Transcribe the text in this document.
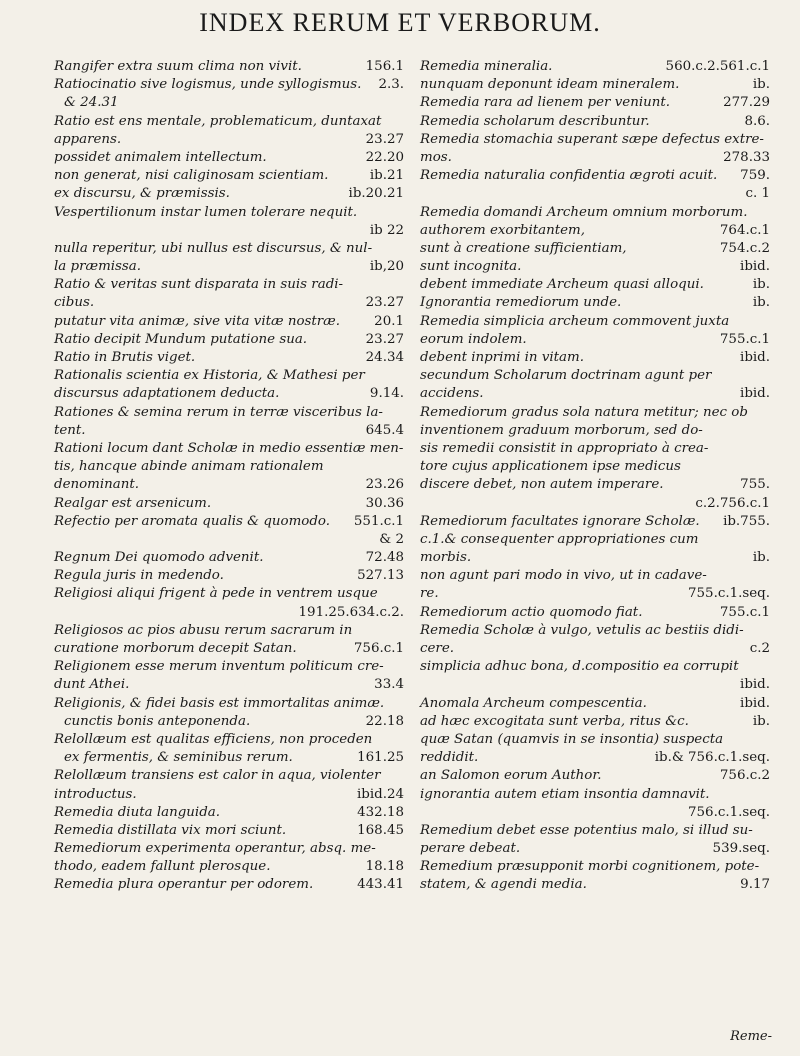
INDEX RERUM ET VERBORUM.
Rangifer extra suum clima non vivit.	156.1
Ratiocinatio sive logismus, unde syllogismus. 2.3.
& 24.31
Ratio est ens mentale, problematicum, duntaxat
apparens.	23.27
possidet animalem intellectum.	22.20
non generat, nisi caliginosam scientiam.	ib.21
ex discursu, & præmissis.	ib.20.21
Vespertilionum instar lumen tolerare nequit.
ib 22
nulla reperitur, ubi nullus est discursus, & nul-
la præmissa.	ib,20
Ratio & veritas sunt disparata in suis radi-
cibus.	23.27
putatur vita animæ, sive vita vitæ nostræ.	20.1
Ratio decipit Mundum putatione sua.	23.27
Ratio in Brutis viget.	24.34
Rationalis scientia ex Historia, & Mathesi per
discursus adaptationem deducta.	9.14.
Rationes & semina rerum in terræ visceribus la-
tent.	645.4
Rationi locum dant Scholæ in medio essentiæ men-
tis, hancque abinde animam rationalem
denominant.	23.26
Realgar est arsenicum.	30.36
Refectio per aromata qualis & quomodo. 551.c.1
& 2
Regnum Dei quomodo advenit.	72.48
Regula juris in medendo.	527.13
Religiosi aliqui frigent à pede in ventrem usque
191.25.634.c.2.
Religiosos ac pios abusu rerum sacrarum in
curatione morborum decepit Satan.	756.c.1
Religionem esse merum inventum politicum cre-
dunt Athei.	33.4
Religionis, & fidei basis est immortalitas animæ.
cunctis bonis anteponenda.	22.18
Relollæum est qualitas efficiens, non proceden
ex fermentis, & seminibus rerum.	161.25
Relollæum transiens est calor in aqua, violenter
introductus.	ibid.24
Remedia diuta languida.	432.18
Remedia distillata vix mori sciunt.	168.45
Remediorum experimenta operantur, absq. me-
thodo, eadem fallunt plerosque.	18.18
Remedia plura operantur per odorem.	443.41
Remedia mineralia.	560.c.2.561.c.1
nunquam deponunt ideam mineralem.	ib.
Remedia rara ad lienem per veniunt.	277.29
Remedia scholarum describuntur.	8.6.
Remedia stomachia superant sæpe defectus extre-
mos.	278.33
Remedia naturalia confidentia ægroti acuit. 759.
c. 1
Remedia domandi Archeum omnium morborum.
authorem exorbitantem,	764.c.1
sunt à creatione sufficientiam,	754.c.2
sunt incognita.	ibid.
debent immediate Archeum quasi alloqui.	ib.
Ignorantia remediorum unde.	ib.
Remedia simplicia archeum commovent juxta
eorum indolem.	755.c.1
debent inprimi in vitam.	ibid.
secundum Scholarum doctrinam agunt per
accidens.	ibid.
Remediorum gradus sola natura metitur; nec ob
inventionem graduum morborum, sed do-
sis remedii consistit in appropriato à crea-
tore cujus applicationem ipse medicus
discere debet, non autem imperare.	755.
c.2.756.c.1
Remediorum facultates ignorare Scholæ. ib.755.
c.1.& consequenter appropriationes cum
morbis.	ib.
non agunt pari modo in vivo, ut in cadave-
re.	755.c.1.seq.
Remediorum actio quomodo fiat.	755.c.1
Remedia Scholæ à vulgo, vetulis ac bestiis didi-
cere.	c.2
simplicia adhuc bona, d.compositio ea corrupit
ibid.
Anomala Archeum compescentia.	ibid.
ad hæc excogitata sunt verba, ritus &c.	ib.
quæ Satan (quamvis in se insontia) suspecta
reddidit.	ib.& 756.c.1.seq.
an Salomon eorum Author.	756.c.2
ignorantia autem etiam insontia damnavit.
756.c.1.seq.
Remedium debet esse potentius malo, si illud su-
perare debeat.	539.seq.
Remedium præsupponit morbi cognitionem, pote-
statem, & agendi media.	9.17
Reme-
